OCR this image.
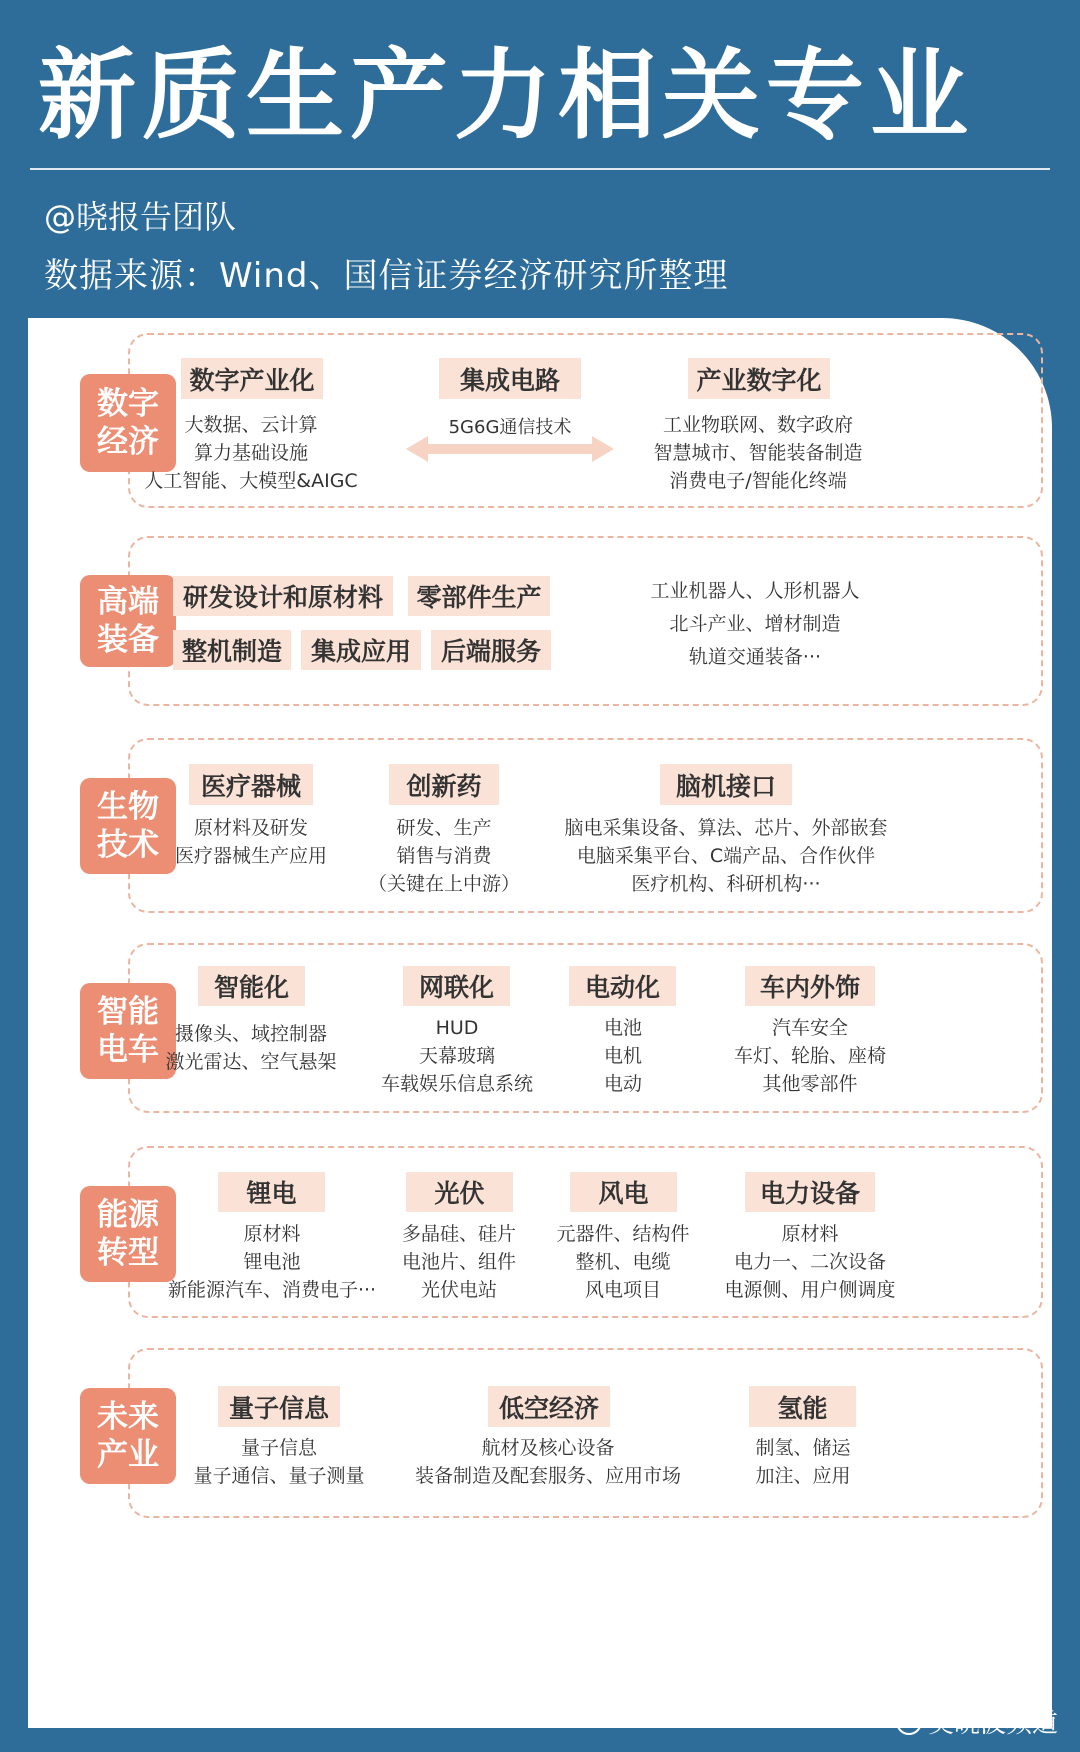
新质生产力相关专业
@晓报告团队
数据来源：Wind、国信证券经济研究所整理
数字经济
数字产业化
大数据、云计算
算力基础设施
人工智能、大模型&AIGC
集成电路
5G6G通信技术
产业数字化
工业物联网、数字政府
智慧城市、智能装备制造
消费电子/智能化终端
高端装备
研发设计和原材料	零部件生产
整机制造	集成应用	后端服务
工业机器人、人形机器人
北斗产业、增材制造
轨道交通装备···
生物技术
医疗器械
原材料及研发
医疗器械生产应用
创新药
研发、生产
销售与消费
（关键在上中游）
脑机接口
脑电采集设备、算法、芯片、外部嵌套
电脑采集平台、C端产品、合作伙伴
医疗机构、科研机构···
智能电车
智能化
摄像头、域控制器
激光雷达、空气悬架
网联化
HUD
天幕玻璃
车载娱乐信息系统
电动化
电池
电机
电动
车内外饰
汽车安全
车灯、轮胎、座椅
其他零部件
能源转型
锂电
原材料
锂电池
新能源汽车、消费电子···
光伏
多晶硅、硅片
电池片、组件
光伏电站
风电
元器件、结构件
整机、电缆
风电项目
电力设备
原材料
电力一、二次设备
电源侧、用户侧调度
未来产业
量子信息
量子信息
量子通信、量子测量
低空经济
航材及核心设备
装备制造及配套服务、应用市场
氢能
制氢、储运
加注、应用
吴晓波频道
